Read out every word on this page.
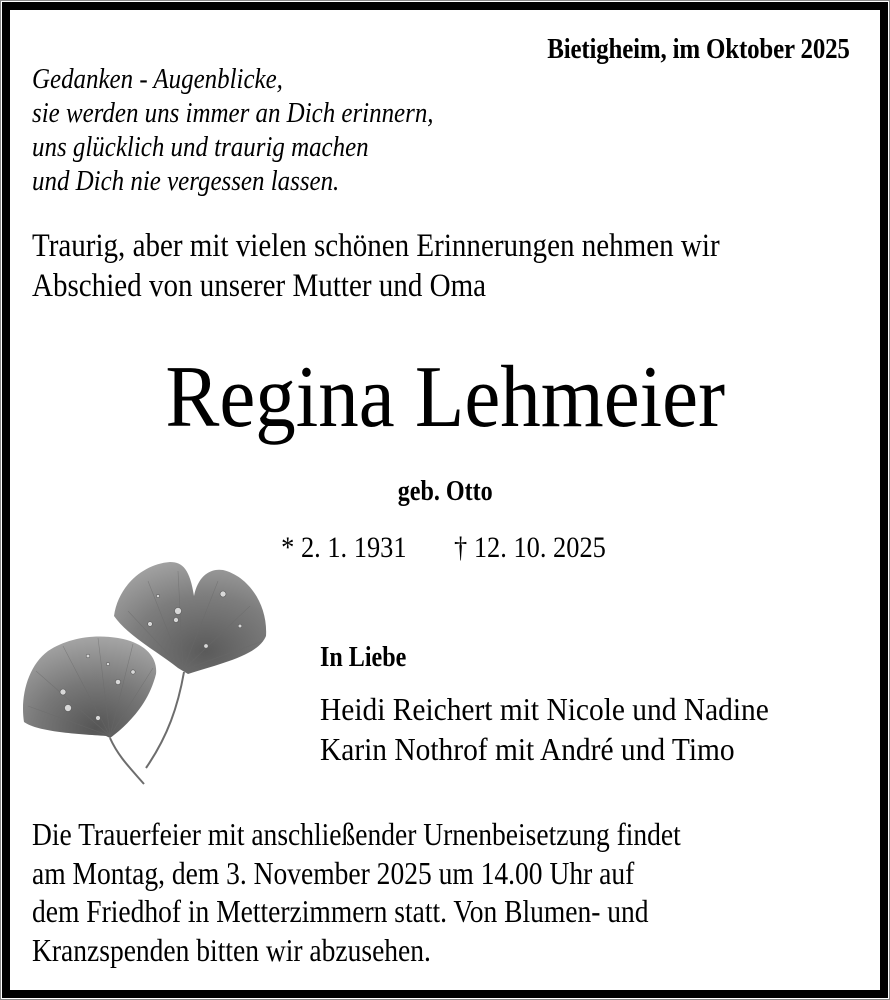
Bietigheim, im Oktober 2025
Gedanken - Augenblicke,
sie werden uns immer an Dich erinnern,
uns glücklich und traurig machen
und Dich nie vergessen lassen.
Traurig, aber mit vielen schönen Erinnerungen nehmen wir
Abschied von unserer Mutter und Oma
Regina Lehmeier
geb. Otto
* 2. 1. 1931 † 12. 10. 2025
In Liebe
Heidi Reichert mit Nicole und Nadine
Karin Nothrof mit André und Timo
Die Trauerfeier mit anschließender Urnenbeisetzung findet
am Montag, dem 3. November 2025 um 14.00 Uhr auf
dem Friedhof in Metterzimmern statt. Von Blumen- und
Kranzspenden bitten wir abzusehen.
